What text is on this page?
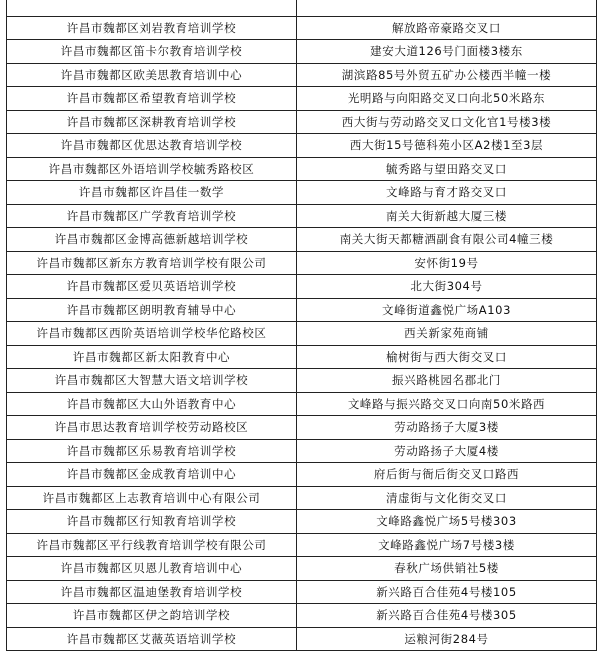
许昌市魏都区刘岩教育培训学校	解放路帝豪路交叉口
许昌市魏都区笛卡尔教育培训学校	建安大道126号门面楼3楼东
许昌市魏都区欧美思教育培训中心	湖滨路85号外贸五矿办公楼西半幢一楼
许昌市魏都区希望教育培训学校	光明路与向阳路交叉口向北50米路东
许昌市魏都区深耕教育培训学校	西大街与劳动路交叉口文化官1号楼3楼
许昌市魏都区优思达教育培训学校	西大街15号德科苑小区A2楼1至3层
许昌市魏都区外语培训学校毓秀路校区	毓秀路与望田路交叉口
许昌市魏都区许昌佳一数学	文峰路与育才路交叉口
许昌市魏都区广学教育培训学校	南关大街新越大厦三楼
许昌市魏都区金博高德新越培训学校	南关大街天都糖酒副食有限公司4幢三楼
许昌市魏都区新东方教育培训学校有限公司	安怀街19号
许昌市魏都区爱贝英语培训学校	北大街304号
许昌市魏都区朗明教育辅导中心	文峰街道鑫悦广场A103
许昌市魏都区西阶英语培训学校华佗路校区	西关新家苑商铺
许昌市魏都区新太阳教育中心	榆树街与西大街交叉口
许昌市魏都区大智慧大语文培训学校	振兴路桃园名郡北门
许昌市魏都区大山外语教育中心	文峰路与振兴路交叉口向南50米路西
许昌市思达教育培训学校劳动路校区	劳动路扬子大厦3楼
许昌市魏都区乐易教育培训学校	劳动路扬子大厦4楼
许昌市魏都区金成教育培训中心	府后街与衙后街交叉口路西
许昌市魏都区上志教育培训中心有限公司	清虚街与文化街交叉口
许昌市魏都区行知教育培训学校	文峰路鑫悦广场5号楼303
许昌市魏都区平行线教育培训学校有限公司	文峰路鑫悦广场7号楼3楼
许昌市魏都区贝恩儿教育培训中心	春秋广场供销社5楼
许昌市魏都区温迪堡教育培训学校	新兴路百合佳苑4号楼105
许昌市魏都区伊之韵培训学校	新兴路百合佳苑4号楼305
许昌市魏都区艾薇英语培训学校	运粮河街284号
